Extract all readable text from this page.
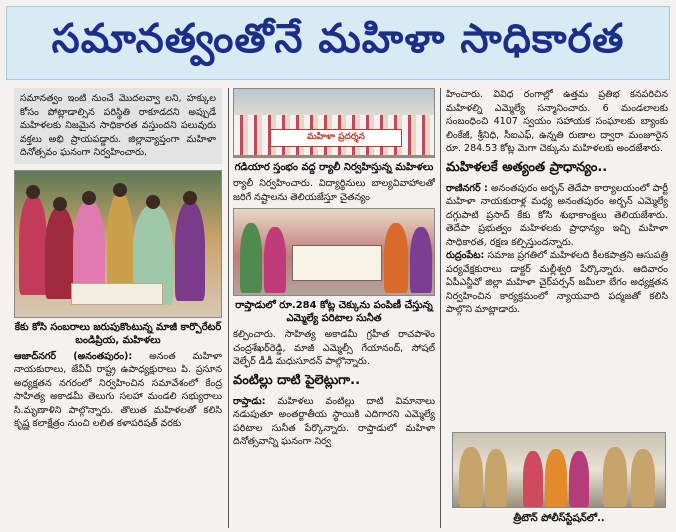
సమానత్వంతోనే మహిళా సాధికారత

సమానత్వం ఇంటి నుంచే మొదలవ్వా లని, హక్కుల కోసం పోట్లాడాల్సిన పరిస్థితి రాకూడదని అప్పుడే మహిళలకు నిజమైన సాధికారత వస్తుందని పలువురు వక్తలు అభి ప్రాయపడ్డారు. జిల్లావ్యాప్తంగా మహిళా దినోత్సవం ఘనంగా నిర్వహించారు.

కేకు కోసి సంబరాలు జరుపుకొంటున్న మాజీ కార్పొరేటర్ బండిప్రియ, మహిళలు

ఆజాద్‌నగర్ (అనంతపురం): అనంత మహిళా నాయకురాలు, జేవీవీ రాష్ట్ర ఉపాధ్యక్షురాలు పి. ప్రసూన అధ్యక్షతన నగరంలో నిర్వహించిన సమావేశంలో కేంద్ర సాహిత్య అకాడమీ తెలుగు సలహా మండలి సభ్యురాలు సి.మృణాళిని పాల్గొన్నారు. తొలుత మహిళలతో కలిసి కృష్ణ కలాక్షేత్రం నుంచి లలిత కళాపరిషత్ వరకు

మహిళా ప్రదర్శన

గడియార స్తంభం వద్ద ర్యాలీ నిర్వహిస్తున్న మహిళలు

ర్యాలీ నిర్వహించారు. విద్యార్థినులు బాల్యవివాహాలతో జరిగే నష్టాలను తెలియజేస్తూ చైతన్యం

రాప్తాడులో రూ.284 కోట్ల చెక్కును పంపిణీ చేస్తున్న ఎమ్మెల్యే పరిటాల సునీత

కల్పించారు. సాహిత్య అకాడమీ గ్రహీత రాచపాళెం చంద్రశేఖర్‌రెడ్డి, మాజీ ఎమ్మెల్సీ గేయానంద్, సోషల్ వెల్ఫేర్ డీడీ మధుసూదన్ పాల్గొన్నారు.

వంటిల్లు దాటి పైలెట్లుగా..

రాప్తాడు: మహిళలు వంటిల్లు దాటి విమానాలు నడుపుతూ అంతర్జాతీయ స్థాయికి ఎదిగారని ఎమ్మెల్యే పరిటాల సునీత పేర్కొన్నారు. రాప్తాడులో మహిళా దినోత్సవాన్ని ఘనంగా నిర్వ

హించారు. వివిధ రంగాల్లో ఉత్తమ ప్రతిభ కనపరిచిన మహిళల్ని ఎమ్మెల్యే సన్మానించారు. 6 మండలాలకు సంబంధించి 4107 స్వయం సహాయక సంఘాలకు బ్యాంకు లింకేజీ, శ్రీనిధి, సీఐఎఫ్, ఉన్నతి రుణాల ద్వారా మంజూరైన రూ. 284.53 కోట్ల మెగా చెక్కును మహిళలకు అందజేశారు.

మహిళలకే అత్యంత ప్రాధాన్యం..

రాణినగర్ : అనంతపురం అర్బన్ తెదేపా కార్యాలయంలో పార్టీ మహిళా నాయకురాళ్ల మధ్య అనంతపురం అర్బన్ ఎమ్మెల్యే దగ్గుపాటి ప్రసాద్ కేకు కోసి శుభాకాంక్షలు తెలియజేశారు. తెదేపా ప్రభుత్వం మహిళలకు ప్రాధాన్యం ఇచ్చి మహిళా సాధికారత, రక్షణ కల్పిస్తుందన్నారు.

రుద్రంపేట: సమాజ ప్రగతిలో మహిళలది కీలకపాత్రని ఆసుపత్రి పర్యవేక్షకురాలు డాక్టర్ మల్లీశ్వరి పేర్కొన్నారు. ఆదివారం ఏపీఎన్జీవో జిల్లా మహిళా చైర్‌పర్సన్ జమీలా బేగం అధ్యక్షతన నిర్వహించిన కార్యక్రమంలో న్యాయవాది పద్మజతో కలిసి పాల్గొని మాట్లాడారు.

త్రీటౌన్ పోలీస్‌స్టేషన్‌లో..
